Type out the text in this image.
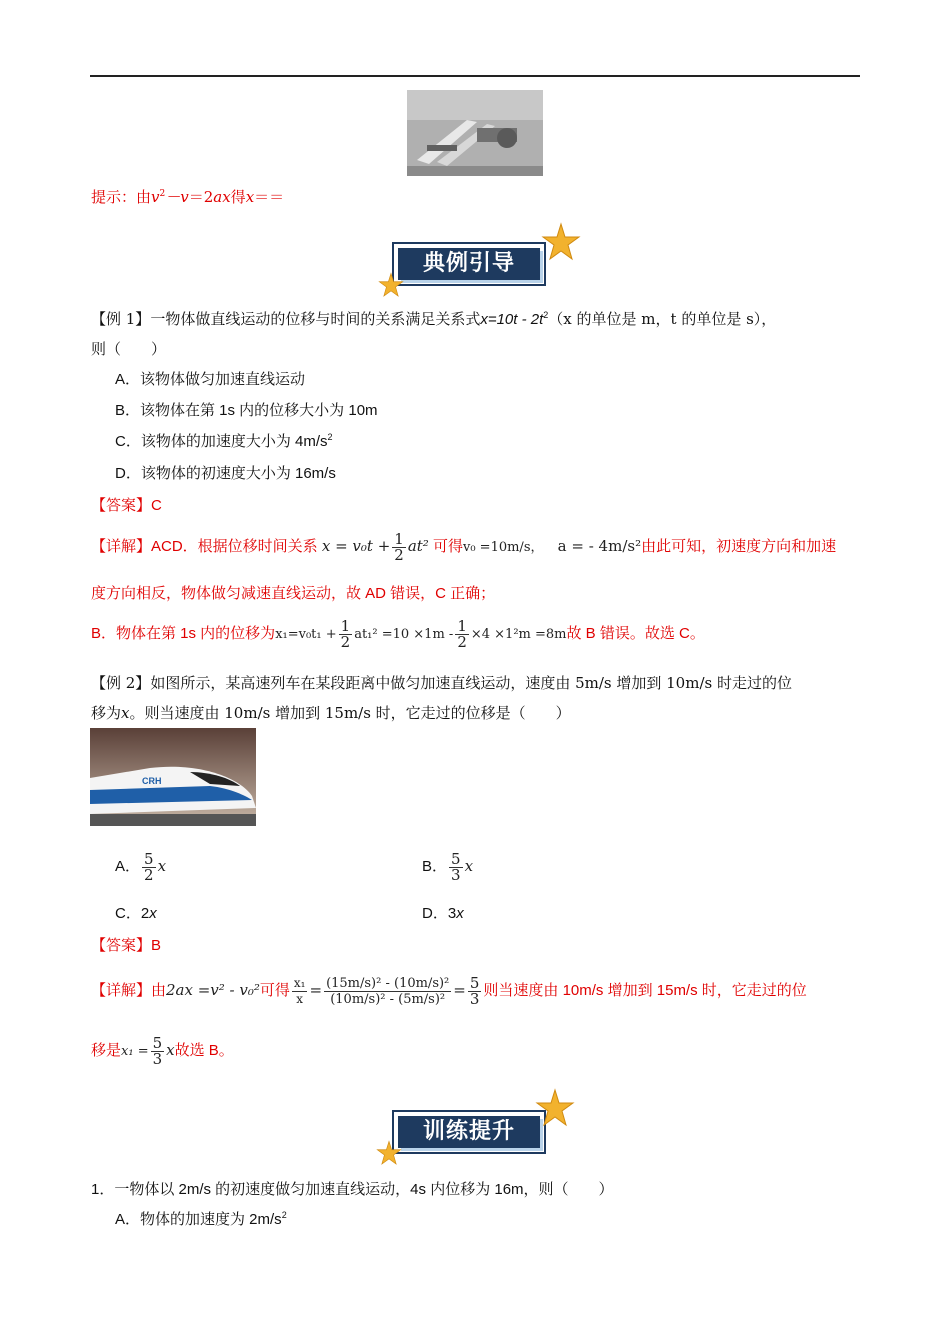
提示：由$v^2-v=2ax$得x＝＝
典例引导
【例 1】一物体做直线运动的位移与时间的关系满足关系式$x=10t - 2t^2(x$ 的单位是 m，t 的单位是 s），
则（　　）
A．该物体做匀加速直线运动
B．该物体在第 1s 内的位移大小为 10m
C．该物体的加速度大小为 $4m/s^2$
D．该物体的初速度大小为 16m/s
【答案】C
【详解】ACD．根据位移时间关系 $x = v_0t + \frac{1}{2} at^2$ 可得v₀ =10m/s， a = - 4m/s²由此可知，初速度方向和加速
度方向相反，物体做匀减速直线运动，故 AD 错误，C 正确；
B．物体在第 1s 内的位移为$x_1=v_0t_1 + \frac{1}{2} at_1^2 =10 \times 1m - \frac{1}{2} \times 4 \times 1^2m =8m$故 B 错误。故选 C。
【例 2】如图所示，某高速列车在某段距离中做匀加速直线运动，速度由 5m/s 增加到 10m/s 时走过的位
移为x。则当速度由 10m/s 增加到 15m/s 时，它走过的位移是（　　）
CRH
A． $\frac{5}{2}$ x	B． $\frac{5}{3}$ x
C．2x	D．3x
【答案】B
【详解】由2ax =v² - v₀²可得 $\frac{\text{x₁}}{x} = \frac{\text{(15m/s)² - (10m/s)²}}{\text{(10m/s)² - (5m/s)²}} = \frac{5}{3}$ 则当速度由 10m/s 增加到 15m/s 时，它走过的位
移是$x_1 = \frac{5}{3}$ x故选 B。
训练提升
1．一物体以 2m/s 的初速度做匀加速直线运动，4s 内位移为 16m，则（　　）
A．物体的加速度为 $2m/s^2$
